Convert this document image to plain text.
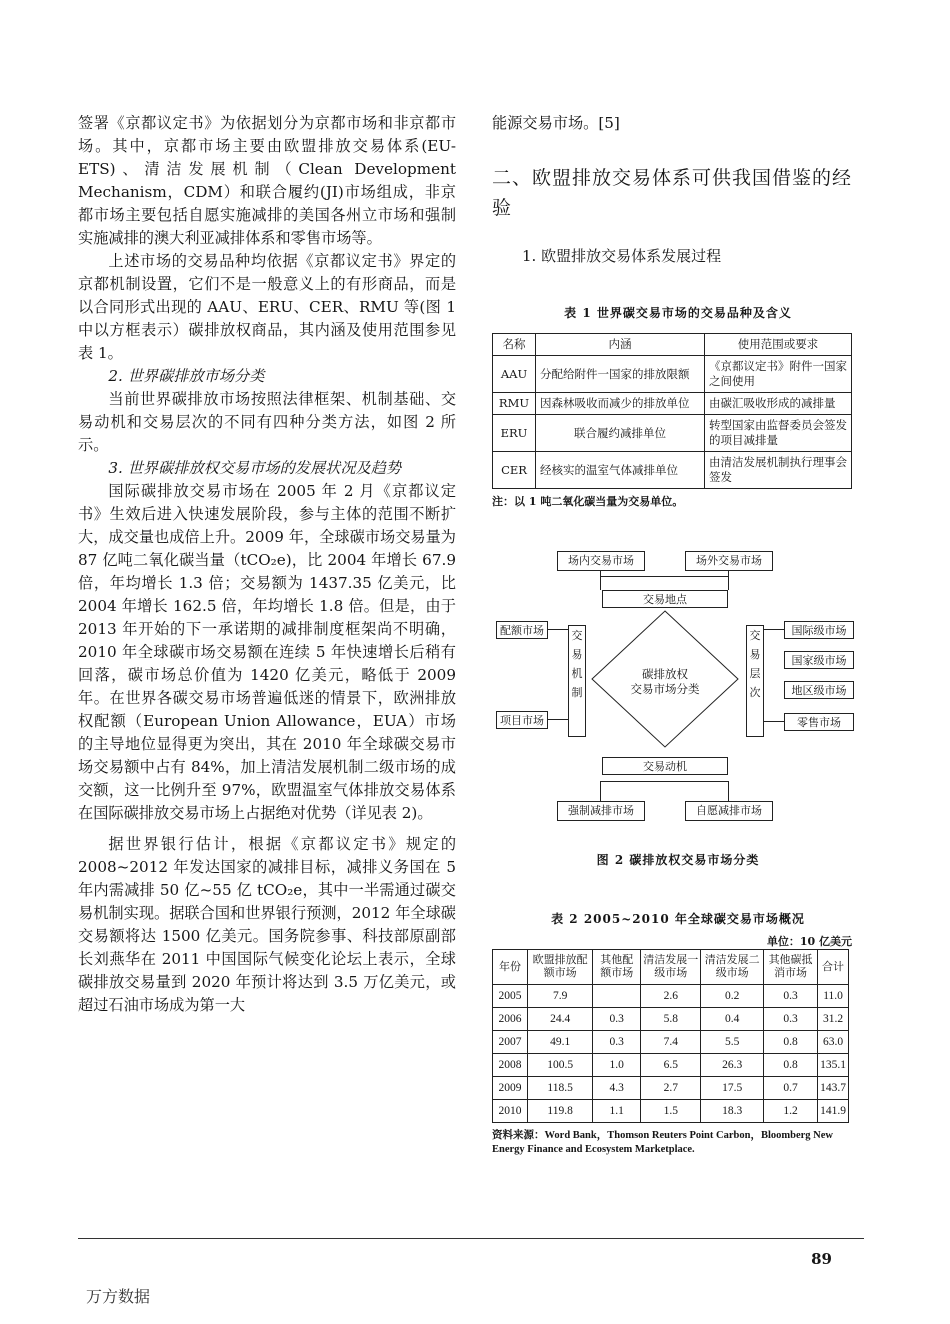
签署《京都议定书》为依据划分为京都市场和非京都市场。其中，京都市场主要由欧盟排放交易体系(EU-ETS)、清洁发展机制（Clean Development Mechanism，CDM）和联合履约(JI)市场组成，非京都市场主要包括自愿实施减排的美国各州立市场和强制实施减排的澳大利亚减排体系和零售市场等。

上述市场的交易品种均依据《京都议定书》界定的京都机制设置，它们不是一般意义上的有形商品，而是以合同形式出现的 AAU、ERU、CER、RMU 等(图 1 中以方框表示）碳排放权商品，其内涵及使用范围参见表 1。

2. 世界碳排放市场分类

当前世界碳排放市场按照法律框架、机制基础、交易动机和交易层次的不同有四种分类方法，如图 2 所示。

3. 世界碳排放权交易市场的发展状况及趋势

国际碳排放交易市场在 2005 年 2 月《京都议定书》生效后进入快速发展阶段，参与主体的范围不断扩大，成交量也成倍上升。2009 年，全球碳市场交易量为 87 亿吨二氧化碳当量（tCO₂e)，比 2004 年增长 67.9 倍，年均增长 1.3 倍；交易额为 1437.35 亿美元，比 2004 年增长 162.5 倍，年均增长 1.8 倍。但是，由于 2013 年开始的下一承诺期的减排制度框架尚不明确，2010 年全球碳市场交易额在连续 5 年快速增长后稍有回落，碳市场总价值为 1420 亿美元，略低于 2009 年。在世界各碳交易市场普遍低迷的情景下，欧洲排放权配额（European Union Allowance，EUA）市场的主导地位显得更为突出，其在 2010 年全球碳交易市场交易额中占有 84%，加上清洁发展机制二级市场的成交额，这一比例升至 97%，欧盟温室气体排放交易体系在国际碳排放交易市场上占据绝对优势（详见表 2)。

据世界银行估计，根据《京都议定书》规定的 2008~2012 年发达国家的减排目标，减排义务国在 5 年内需减排 50 亿~55 亿 tCO₂e，其中一半需通过碳交易机制实现。据联合国和世界银行预测，2012 年全球碳交易额将达 1500 亿美元。国务院参事、科技部原副部长刘燕华在 2011 中国国际气候变化论坛上表示，全球碳排放交易量到 2020 年预计将达到 3.5 万亿美元，或超过石油市场成为第一大

能源交易市场。[5]

二、欧盟排放交易体系可供我国借鉴的经验

1. 欧盟排放交易体系发展过程

表 1 世界碳交易市场的交易品种及含义
名称	内涵	使用范围或要求
AAU	分配给附件一国家的排放限额	《京都议定书》附件一国家之间使用
RMU	因森林吸收而减少的排放单位	由碳汇吸收形成的减排量
ERU	联合履约减排单位	转型国家由监督委员会签发的项目减排量
CER	经核实的温室气体减排单位	由清洁发展机制执行理事会签发
注：以 1 吨二氧化碳当量为交易单位。
场内交易市场	场外交易市场
交易地点
配额市场
项目市场
交易机制
碳排放权
交易市场分类
交易层次
国际级市场
国家级市场
地区级市场
零售市场
交易动机
强制减排市场	自愿减排市场
图 2 碳排放权交易市场分类
表 2 2005~2010 年全球碳交易市场概况
单位：10 亿美元
年份	欧盟排放配额市场	其他配额市场	清洁发展一级市场	清洁发展二级市场	其他碳抵消市场	合计
2005	7.9		2.6	0.2	0.3	11.0
2006	24.4	0.3	5.8	0.4	0.3	31.2
2007	49.1	0.3	7.4	5.5	0.8	63.0
2008	100.5	1.0	6.5	26.3	0.8	135.1
2009	118.5	4.3	2.7	17.5	0.7	143.7
2010	119.8	1.1	1.5	18.3	1.2	141.9
资料来源：Word Bank，Thomson Reuters Point Carbon，Bloomberg New Energy Finance and Ecosystem Marketplace.
89
万方数据
